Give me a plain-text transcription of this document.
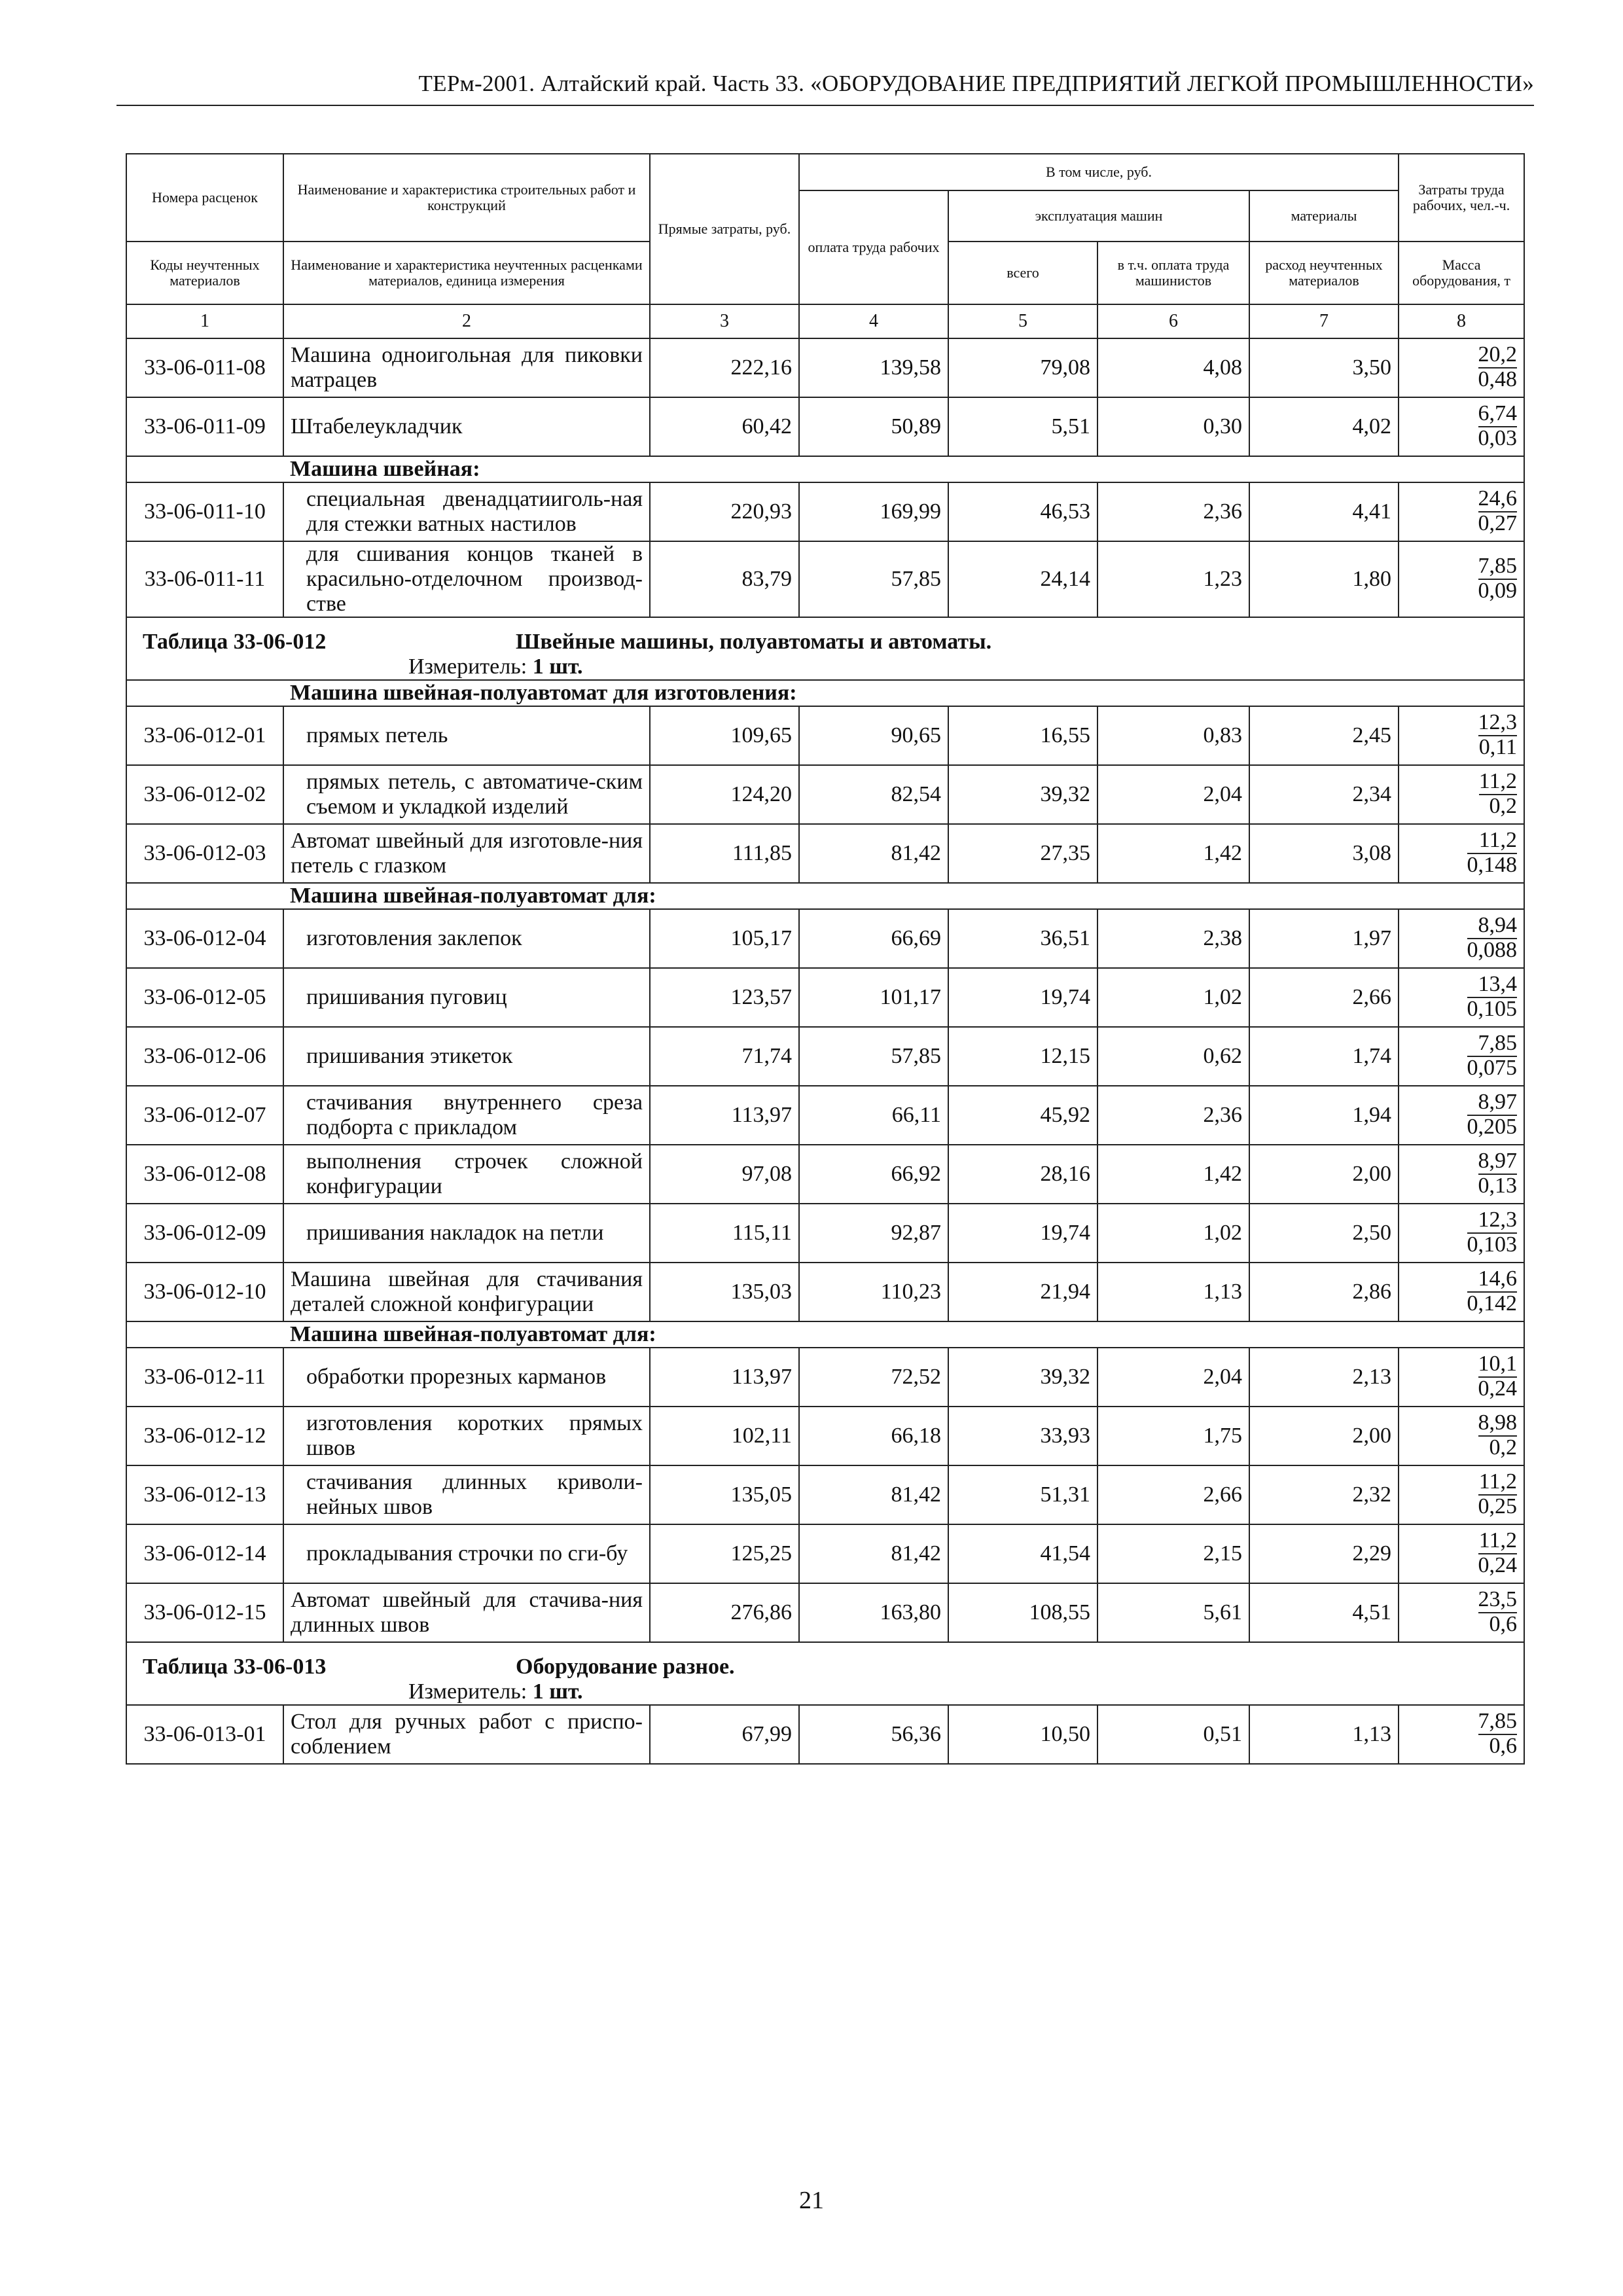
ТЕРм-2001. Алтайский край. Часть 33. «ОБОРУДОВАНИЕ ПРЕДПРИЯТИЙ ЛЕГКОЙ ПРОМЫШЛЕННОСТИ»
Номера расценок	Наименование и характеристика строительных работ и конструкций	Прямые затраты, руб.	В том числе, руб.				Затраты труда рабочих, чел.-ч.
			оплата труда рабочих	эксплуатация машин		материалы	
Коды неучтенных материалов	Наименование и характеристика неучтенных расценками материалов, единица измерения			всего	в т.ч. оплата труда машинистов	расход неучтенных материалов	Масса оборудования, т
1	2	3	4	5	6	7	8
33-06-011-08	Машина одноигольная для пиковки матрацев	222,16	139,58	79,08	4,08	3,50	$\frac{20,2}{0,48}$

33-06-011-09	Штабелеукладчик	60,42	50,89	5,51	0,30	4,02	$\frac{6,74}{0,03}$

	Машина швейная:						
33-06-011-10	специальная двенадцатииголь-ная для стежки ватных настилов	220,93	169,99	46,53	2,36	4,41	$\frac{24,6}{0,27}$

33-06-011-11	для сшивания концов тканей в красильно-отделочном производ-стве	83,79	57,85	24,14	1,23	1,80	$\frac{7,85}{0,09}$

Таблица 33-06-012 Швейные машины, полуавтоматы и автоматы.							
Измеритель: 1 шт.							
	Машина швейная-полуавтомат для изготовления:						
33-06-012-01	прямых петель	109,65	90,65	16,55	0,83	2,45	$\frac{12,3}{0,11}$

33-06-012-02	прямых петель, с автоматиче-ским съемом и укладкой изделий	124,20	82,54	39,32	2,04	2,34	$\frac{11,2}{0,2}$

33-06-012-03	Автомат швейный для изготовле-ния петель с глазком	111,85	81,42	27,35	1,42	3,08	$\frac{11,2}{0,148}$

	Машина швейная-полуавтомат для:						
33-06-012-04	изготовления заклепок	105,17	66,69	36,51	2,38	1,97	$\frac{8,94}{0,088}$

33-06-012-05	пришивания пуговиц	123,57	101,17	19,74	1,02	2,66	$\frac{13,4}{0,105}$

33-06-012-06	пришивания этикеток	71,74	57,85	12,15	0,62	1,74	$\frac{7,85}{0,075}$

33-06-012-07	стачивания внутреннего среза подборта с прикладом	113,97	66,11	45,92	2,36	1,94	$\frac{8,97}{0,205}$

33-06-012-08	выполнения строчек сложной конфигурации	97,08	66,92	28,16	1,42	2,00	$\frac{8,97}{0,13}$

33-06-012-09	пришивания накладок на петли	115,11	92,87	19,74	1,02	2,50	$\frac{12,3}{0,103}$

33-06-012-10	Машина швейная для стачивания деталей сложной конфигурации	135,03	110,23	21,94	1,13	2,86	$\frac{14,6}{0,142}$

	Машина швейная-полуавтомат для:						
33-06-012-11	обработки прорезных карманов	113,97	72,52	39,32	2,04	2,13	$\frac{10,1}{0,24}$

33-06-012-12	изготовления коротких прямых швов	102,11	66,18	33,93	1,75	2,00	$\frac{8,98}{0,2}$

33-06-012-13	стачивания длинных криволи-нейных швов	135,05	81,42	51,31	2,66	2,32	$\frac{11,2}{0,25}$

33-06-012-14	прокладывания строчки по сги-бу	125,25	81,42	41,54	2,15	2,29	$\frac{11,2}{0,24}$

33-06-012-15	Автомат швейный для стачива-ния длинных швов	276,86	163,80	108,55	5,61	4,51	$\frac{23,5}{0,6}$

Таблица 33-06-013 Оборудование разное.							
Измеритель: 1 шт.							
33-06-013-01	Стол для ручных работ с приспо-соблением	67,99	56,36	10,50	0,51	1,13	$\frac{7,85}{0,6}$
21
